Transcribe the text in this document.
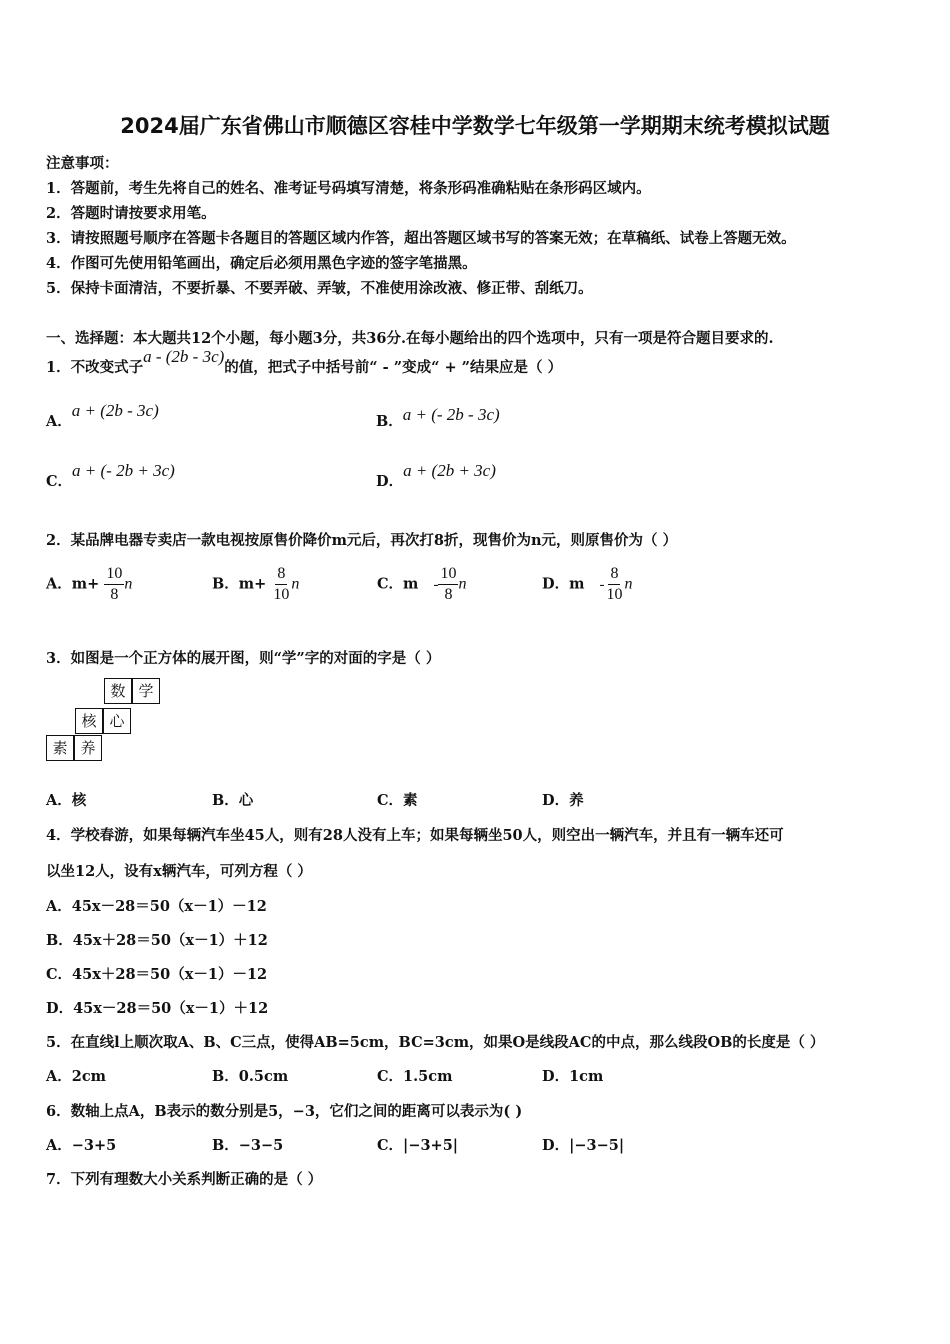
2024届广东省佛山市顺德区容桂中学数学七年级第一学期期末统考模拟试题
注意事项：
1．答题前，考生先将自己的姓名、准考证号码填写清楚，将条形码准确粘贴在条形码区域内。
2．答题时请按要求用笔。
3．请按照题号顺序在答题卡各题目的答题区域内作答，超出答题区域书写的答案无效；在草稿纸、试卷上答题无效。
4．作图可先使用铅笔画出，确定后必须用黑色字迹的签字笔描黑。
5．保持卡面清洁，不要折暴、不要弄破、弄皱，不准使用涂改液、修正带、刮纸刀。
一、选择题：本大题共12个小题，每小题3分，共36分.在每小题给出的四个选项中，只有一项是符合题目要求的.
1．不改变式子a - (2b - 3c)的值，把式子中括号前“ - ”变成“ + ”结果应是（ ）
A．a + (2b - 3c)
B．a + (- 2b - 3c)
C．a + (- 2b + 3c)
D．a + (2b + 3c)
2．某品牌电器专卖店一款电视按原售价降价m元后，再次打8折，现售价为n元，则原售价为（ ）
A．$m+ \frac{10}{8}$ n	B．$m+ \frac{8}{10}$ n	C．m - $\frac{10}{8}$ n	D．m - $\frac{8}{10}$ n
3．如图是一个正方体的展开图，则“学”字的对面的字是（ ）
数 学
核 心
素 养
A．核	B．心	C．素	D．养
4．学校春游，如果每辆汽车坐45人，则有28人没有上车；如果每辆坐50人，则空出一辆汽车，并且有一辆车还可
以坐12人，设有x辆汽车，可列方程（ ）
A．45x－28＝50（x－1）－12
B．45x＋28＝50（x－1）＋12
C．45x＋28＝50（x－1）－12
D．45x－28＝50（x－1）＋12
5．在直线l上顺次取A、B、C三点，使得AB=5cm，BC=3cm，如果O是线段AC的中点，那么线段OB的长度是（ ）
A．2cm	B．0.5cm	C．1.5cm	D．1cm
6．数轴上点A，B表示的数分别是5，−3，它们之间的距离可以表示为( )
A．−3+5	B．−3−5	C．|−3+5|	D．|−3−5|
7．下列有理数大小关系判断正确的是（ ）
